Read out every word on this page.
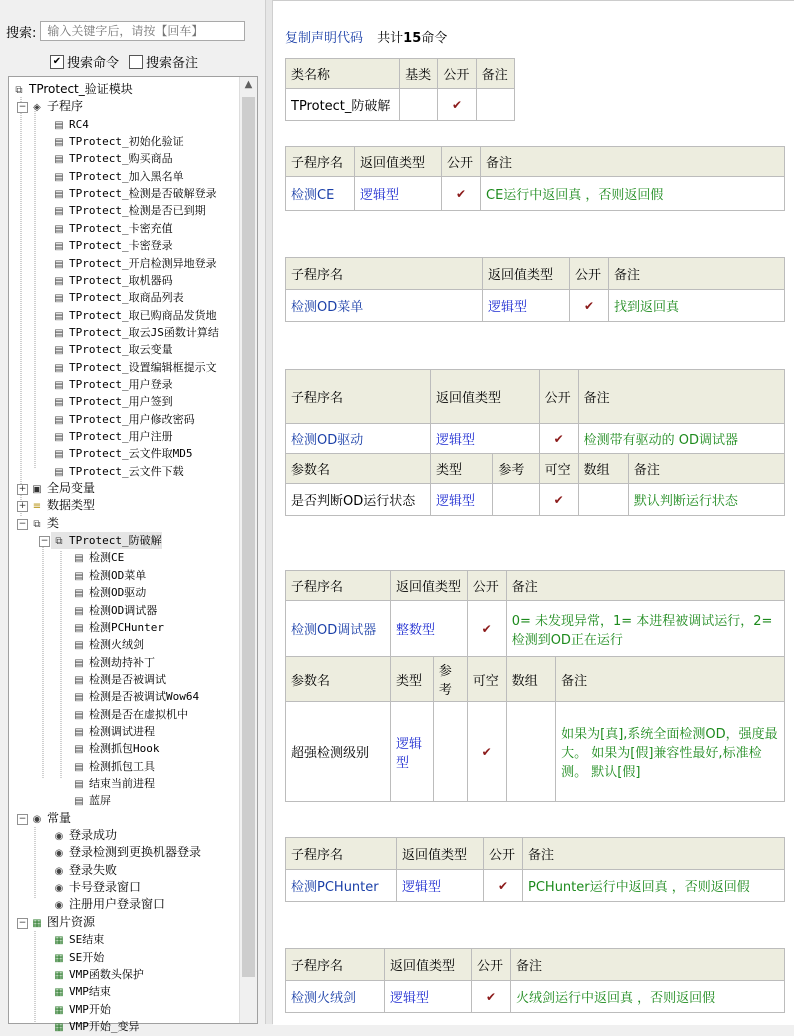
搜索:
输入关键字后，请按【回车】
✔ 搜索命令 搜索备注
⧉ TProtect_验证模块
◈ 子程序
−
▤ RC4
▤ TProtect_初始化验证
▤ TProtect_购买商品
▤ TProtect_加入黑名单
▤ TProtect_检测是否破解登录
▤ TProtect_检测是否已到期
▤ TProtect_卡密充值
▤ TProtect_卡密登录
▤ TProtect_开启检测异地登录
▤ TProtect_取机器码
▤ TProtect_取商品列表
▤ TProtect_取已购商品发货地
▤ TProtect_取云JS函数计算结
▤ TProtect_取云变量
▤ TProtect_设置编辑框提示文
▤ TProtect_用户登录
▤ TProtect_用户签到
▤ TProtect_用户修改密码
▤ TProtect_用户注册
▤ TProtect_云文件取MD5
▤ TProtect_云文件下载
▣ 全局变量
+
≡ 数据类型
+
⧉ 类
−
⧉ TProtect_防破解
−
▤ 检测CE
▤ 检测OD菜单
▤ 检测OD驱动
▤ 检测OD调试器
▤ 检测PCHunter
▤ 检测火绒剑
▤ 检测劫持补丁
▤ 检测是否被调试
▤ 检测是否被调试Wow64
▤ 检测是否在虚拟机中
▤ 检测调试进程
▤ 检测抓包Hook
▤ 检测抓包工具
▤ 结束当前进程
▤ 蓝屏
◉ 常量
−
◉ 登录成功
◉ 登录检测到更换机器登录
◉ 登录失败
◉ 卡号登录窗口
◉ 注册用户登录窗口
▦ 图片资源
−
▦ SE结束
▦ SE开始
▦ VMP函数头保护
▦ VMP结束
▦ VMP开始
▦ VMP开始_变异
▲
复制声明代码 共计15命令
类名称	基类	公开	备注
TProtect_防破解		✔	
子程序名	返回值类型	公开	备注
检测CE	逻辑型	✔	CE运行中返回真 ，否则返回假
子程序名	返回值类型	公开	备注
检测OD菜单	逻辑型	✔	找到返回真
子程序名	返回值类型		公开	备注	
检测OD驱动	逻辑型		✔	检测带有驱动的 OD调试器	
参数名	类型	参考	可空	数组	备注
是否判断OD运行状态	逻辑型		✔		默认判断运行状态
子程序名	返回值类型		公开	备注	
检测OD调试器	整数型		✔	0= 未发现异常，1= 本进程被调试运行，2=检测到OD正在运行	
参数名	类型	参考	可空	数组	备注
超强检测级别	逻辑型		✔		如果为[真],系统全面检测OD，强度最大。 如果为[假]兼容性最好,标准检测。 默认[假]
子程序名	返回值类型	公开	备注
检测PCHunter	逻辑型	✔	PCHunter运行中返回真 ，否则返回假
子程序名	返回值类型	公开	备注
检测火绒剑	逻辑型	✔	火绒剑运行中返回真 ，否则返回假
